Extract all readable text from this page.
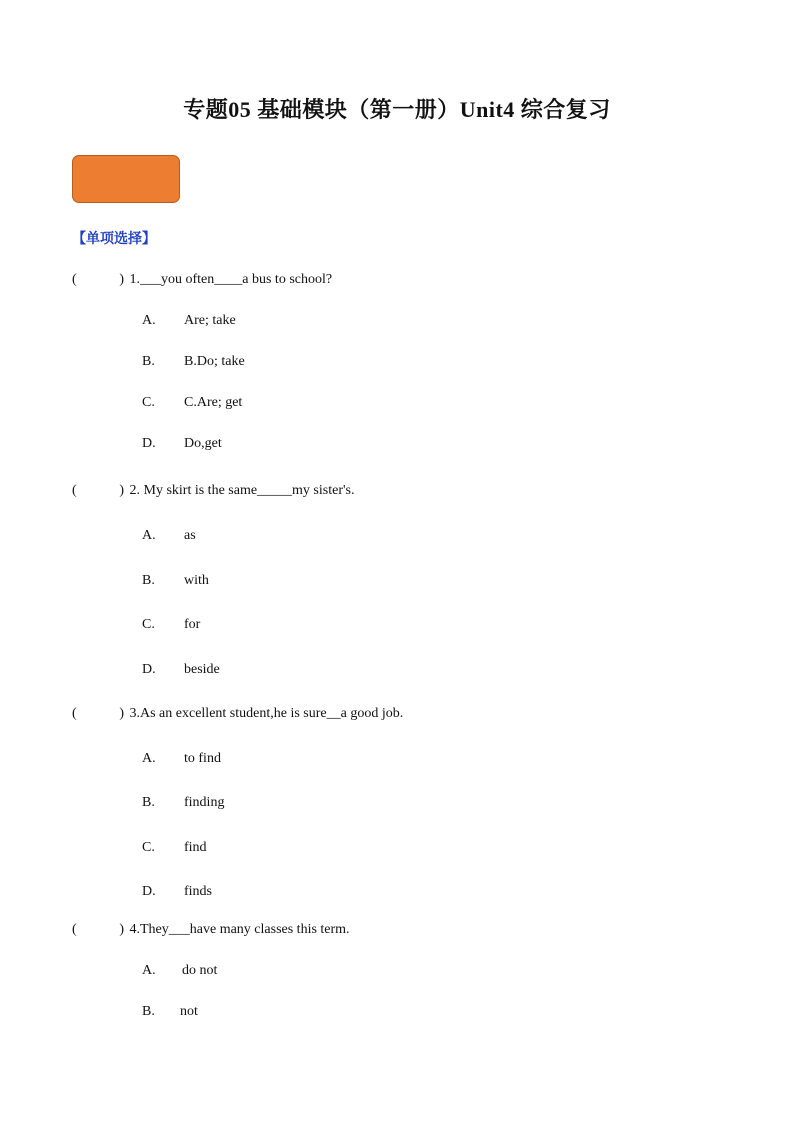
专题05 基础模块（第一册）Unit4 综合复习
【单项选择】
(	) 1.___you often____a bus to school?
A. Are; take
B. B.Do; take
C. C.Are; get
D. Do,get
(	) 2. My skirt is the same_____my sister's.
A. as
B. with
C. for
D. beside
(	) 3.As an excellent student,he is sure__a good job.
A. to find
B. finding
C. find
D. finds
(	) 4.They___have many classes this term.
A. do not
B. not
